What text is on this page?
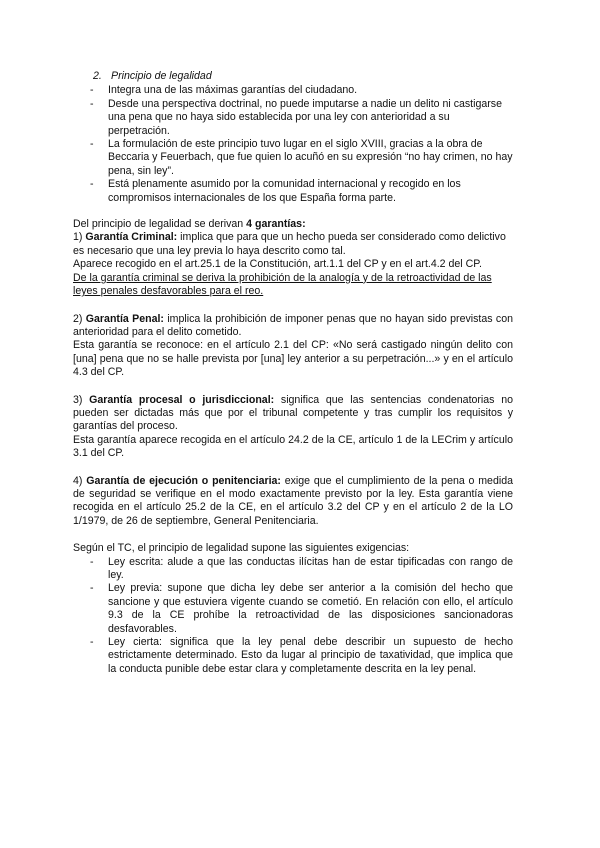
2. Principio de legalidad
- Integra una de las máximas garantías del ciudadano.
- Desde una perspectiva doctrinal, no puede imputarse a nadie un delito ni castigarse una pena que no haya sido establecida por una ley con anterioridad a su perpetración.
- La formulación de este principio tuvo lugar en el siglo XVIII, gracias a la obra de Beccaria y Feuerbach, que fue quien lo acuñó en su expresión “no hay crimen, no hay pena, sin ley”.
- Está plenamente asumido por la comunidad internacional y recogido en los compromisos internacionales de los que España forma parte.

Del principio de legalidad se derivan 4 garantías:

1) Garantía Criminal: implica que para que un hecho pueda ser considerado como delictivo es necesario que una ley previa lo haya descrito como tal.

Aparece recogido en el art.25.1 de la Constitución, art.1.1 del CP y en el art.4.2 del CP.

De la garantía criminal se deriva la prohibición de la analogía y de la retroactividad de las leyes penales desfavorables para el reo.

2) Garantía Penal: implica la prohibición de imponer penas que no hayan sido previstas con anterioridad para el delito cometido.

Esta garantía se reconoce: en el artículo 2.1 del CP: «No será castigado ningún delito con [una] pena que no se halle prevista por [una] ley anterior a su perpetración...» y en el artículo 4.3 del CP.

3) Garantía procesal o jurisdiccional: significa que las sentencias condenatorias no pueden ser dictadas más que por el tribunal competente y tras cumplir los requisitos y garantías del proceso.

Esta garantía aparece recogida en el artículo 24.2 de la CE, artículo 1 de la LECrim y artículo 3.1 del CP.

4) Garantía de ejecución o penitenciaria: exige que el cumplimiento de la pena o medida de seguridad se verifique en el modo exactamente previsto por la ley. Esta garantía viene recogida en el artículo 25.2 de la CE, en el artículo 3.2 del CP y en el artículo 2 de la LO 1/1979, de 26 de septiembre, General Penitenciaria.

Según el TC, el principio de legalidad supone las siguientes exigencias:

- Ley escrita: alude a que las conductas ilícitas han de estar tipificadas con rango de ley.
- Ley previa: supone que dicha ley debe ser anterior a la comisión del hecho que sancione y que estuviera vigente cuando se cometió. En relación con ello, el artículo 9.3 de la CE prohíbe la retroactividad de las disposiciones sancionadoras desfavorables.
- Ley cierta: significa que la ley penal debe describir un supuesto de hecho estrictamente determinado. Esto da lugar al principio de taxatividad, que implica que la conducta punible debe estar clara y completamente descrita en la ley penal.
